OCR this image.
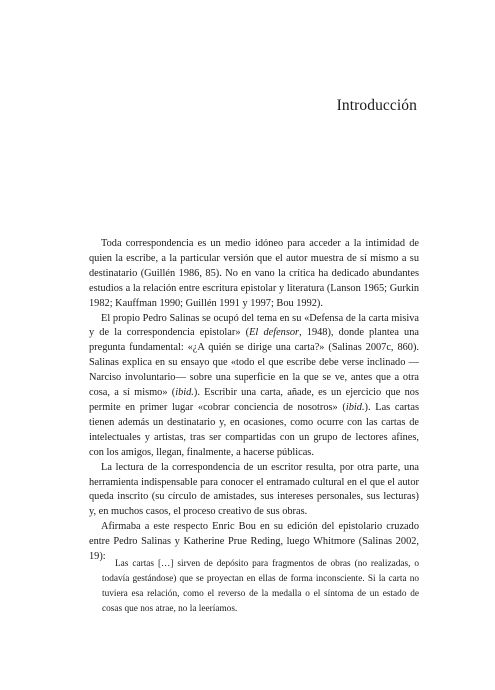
Introducción

Toda correspondencia es un medio idóneo para acceder a la intimidad de quien la escribe, a la particular versión que el autor muestra de sí mismo a su destinatario (Guillén 1986, 85). No en vano la crítica ha dedicado abundantes estudios a la relación entre escritura epistolar y literatura (Lanson 1965; Gurkin 1982; Kauffman 1990; Guillén 1991 y 1997; Bou 1992).

El propio Pedro Salinas se ocupó del tema en su «Defensa de la carta misiva y de la correspondencia epistolar» (El defensor, 1948), donde plantea una pregunta fundamental: «¿A quién se dirige una carta?» (Salinas 2007c, 860). Salinas explica en su ensayo que «todo el que escribe debe verse inclinado —Narciso involuntario— sobre una superficie en la que se ve, antes que a otra cosa, a sí mismo» (ibid.). Escribir una carta, añade, es un ejercicio que nos permite en primer lugar «cobrar conciencia de nosotros» (ibid.). Las cartas tienen además un destinatario y, en ocasiones, como ocurre con las cartas de intelectuales y artistas, tras ser compartidas con un grupo de lectores afines, con los amigos, llegan, finalmente, a hacerse públicas.

La lectura de la correspondencia de un escritor resulta, por otra parte, una herramienta indispensable para conocer el entramado cultural en el que el autor queda inscrito (su círculo de amistades, sus intereses personales, sus lecturas) y, en muchos casos, el proceso creativo de sus obras.

Afirmaba a este respecto Enric Bou en su edición del epistolario cruzado entre Pedro Salinas y Katherine Prue Reding, luego Whitmore (Salinas 2002, 19):

Las cartas […] sirven de depósito para fragmentos de obras (no realizadas, o todavía gestándose) que se proyectan en ellas de forma inconsciente. Si la carta no tuviera esa relación, como el reverso de la medalla o el síntoma de un estado de cosas que nos atrae, no la leeríamos.
